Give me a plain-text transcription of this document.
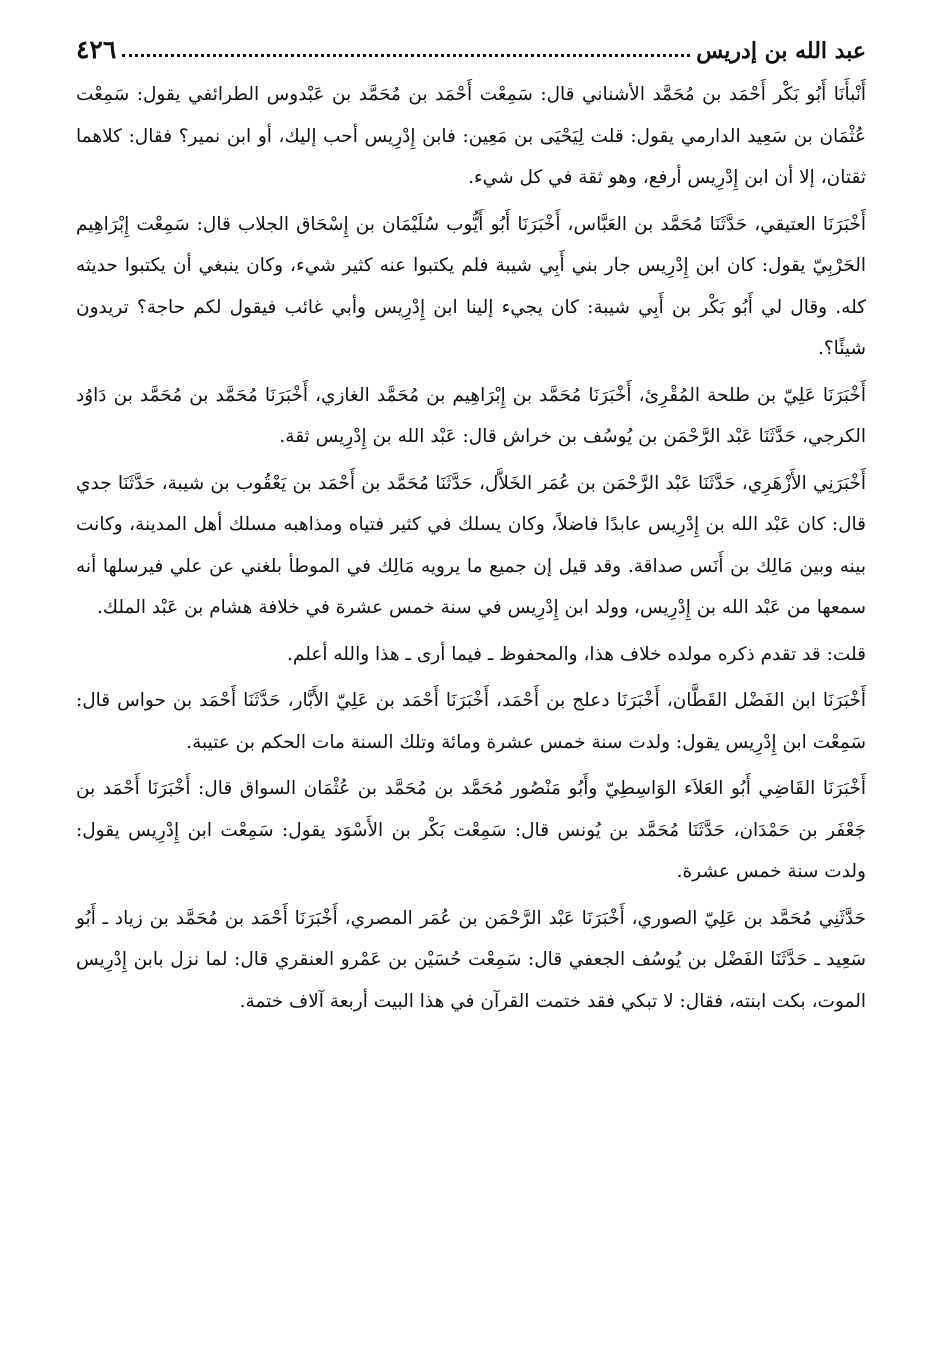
عبد الله بن إدريس
٤٢٦

أَنْبأَنَا أَبُو بَكْر أَحْمَد بن مُحَمَّد الأشناني قال: سَمِعْت أَحْمَد بن مُحَمَّد بن عَبْدوس الطرائفي يقول: سَمِعْت عُثْمَان بن سَعِيد الدارمي يقول: قلت لِيَحْيَى بن مَعِين: فابن إِدْرِيس أحب إليك، أو ابن نمير؟ فقال: كلاهما ثقتان، إلا أن ابن إِدْرِيس أرفع، وهو ثقة في كل شيء.

أَخْبَرَنَا العتيقي، حَدَّثَنَا مُحَمَّد بن العَبَّاس، أَخْبَرَنَا أَبُو أَيُّوب سُلَيْمَان بن إِسْحَاق الجلاب قال: سَمِعْت إِبْرَاهِيم الحَرْبِيّ يقول: كان ابن إِدْرِيس جار بني أَبِي شيبة فلم يكتبوا عنه كثير شيء، وكان ينبغي أن يكتبوا حديثه كله. وقال لي أَبُو بَكْر بن أَبِي شيبة: كان يجيء إلينا ابن إِدْرِيس وأبي غائب فيقول لكم حاجة؟ تريدون شيئًا؟.

أَخْبَرَنَا عَلِيّ بن طلحة المُقْرِئ، أَخْبَرَنَا مُحَمَّد بن إِبْرَاهِيم بن مُحَمَّد الغازي، أَخْبَرَنَا مُحَمَّد بن مُحَمَّد بن دَاوُد الكرجي، حَدَّثَنَا عَبْد الرَّحْمَن بن يُوسُف بن خراش قال: عَبْد الله بن إِدْرِيس ثقة.

أَخْبَرَنِي الأَزْهَرِي، حَدَّثَنَا عَبْد الرَّحْمَن بن عُمَر الخَلاَّل، حَدَّثَنَا مُحَمَّد بن أَحْمَد بن يَعْقُوب بن شيبة، حَدَّثَنَا جدي قال: كان عَبْد الله بن إِدْرِيس عابدًا فاضلاً، وكان يسلك في كثير فتياه ومذاهبه مسلك أهل المدينة، وكانت بينه وبين مَالِك بن أَنَس صداقة. وقد قيل إن جميع ما يرويه مَالِك في الموطأ بلغني عن علي فيرسلها أنه سمعها من عَبْد الله بن إِدْرِيس، وولد ابن إِدْرِيس في سنة خمس عشرة في خلافة هشام بن عَبْد الملك.

قلت: قد تقدم ذكره مولده خلاف هذا، والمحفوظ ـ فيما أرى ـ هذا والله أعلم.

أَخْبَرَنَا ابن الفَضْل القَطَّان، أَخْبَرَنَا دعلج بن أَحْمَد، أَخْبَرَنَا أَحْمَد بن عَلِيّ الأَبَّار، حَدَّثَنَا أَحْمَد بن حواس قال: سَمِعْت ابن إِدْرِيس يقول: ولدت سنة خمس عشرة ومائة وتلك السنة مات الحكم بن عتيبة.

أَخْبَرَنَا القَاضِي أَبُو العَلاَء الوَاسِطِيّ وأَبُو مَنْصُور مُحَمَّد بن مُحَمَّد بن عُثْمَان السواق قال: أَخْبَرَنَا أَحْمَد بن جَعْفَر بن حَمْدَان، حَدَّثَنَا مُحَمَّد بن يُونس قال: سَمِعْت بَكْر بن الأَسْوَد يقول: سَمِعْت ابن إِدْرِيس يقول: ولدت سنة خمس عشرة.

حَدَّثَنِي مُحَمَّد بن عَلِيّ الصوري، أَخْبَرَنَا عَبْد الرَّحْمَن بن عُمَر المصري، أَخْبَرَنَا أَحْمَد بن مُحَمَّد بن زياد ـ أَبُو سَعِيد ـ حَدَّثَنَا الفَضْل بن يُوسُف الجعفي قال: سَمِعْت حُسَيْن بن عَمْرو العنقري قال: لما نزل بابن إِدْرِيس الموت، بكت ابنته، فقال: لا تبكي فقد ختمت القرآن في هذا البيت أربعة آلاف ختمة.
